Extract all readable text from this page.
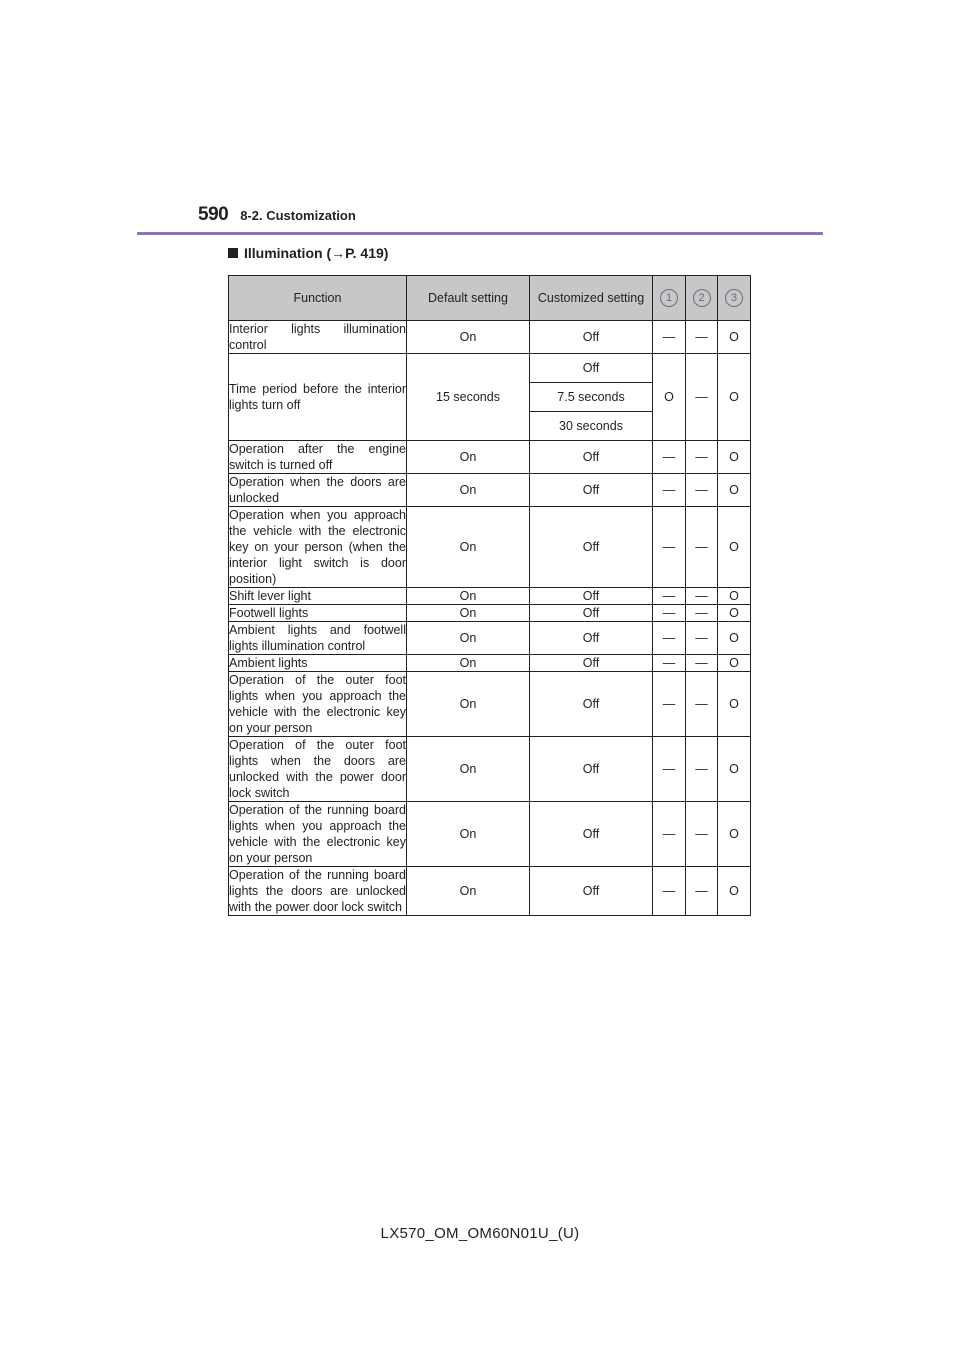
590 8-2. Customization
Illumination (→P. 419)
Function	Default setting	Customized setting	1	2	3
Interior lights illumination control	On	Off	—	—	O
Time period before the interior lights turn off	15 seconds	Off	O	—	O
		7.5 seconds			
		30 seconds			
Operation after the engine switch is turned off	On	Off	—	—	O
Operation when the doors are unlocked	On	Off	—	—	O
Operation when you approach the vehicle with the electronic key on your person (when the interior light switch is door position)	On	Off	—	—	O
Shift lever light	On	Off	—	—	O
Footwell lights	On	Off	—	—	O
Ambient lights and footwell lights illumination control	On	Off	—	—	O
Ambient lights	On	Off	—	—	O
Operation of the outer foot lights when you approach the vehicle with the electronic key on your person	On	Off	—	—	O
Operation of the outer foot lights when the doors are unlocked with the power door lock switch	On	Off	—	—	O
Operation of the running board lights when you approach the vehicle with the electronic key on your person	On	Off	—	—	O
Operation of the running board lights the doors are unlocked with the power door lock switch	On	Off	—	—	O
LX570_OM_OM60N01U_(U)
